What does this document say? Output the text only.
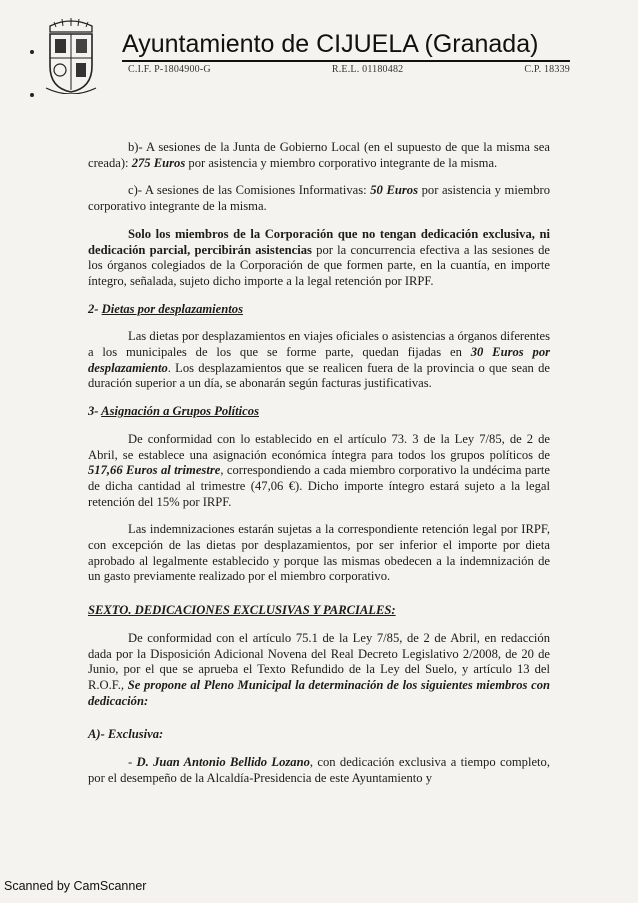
Ayuntamiento de CIJUELA (Granada)
C.I.F. P-1804900-G	R.E.L. 01180482	C.P. 18339

b)- A sesiones de la Junta de Gobierno Local (en el supuesto de que la misma sea creada): 275 Euros por asistencia y miembro corporativo integrante de la misma.

c)- A sesiones de las Comisiones Informativas: 50 Euros por asistencia y miembro corporativo integrante de la misma.

Solo los miembros de la Corporación que no tengan dedicación exclusiva, ni dedicación parcial, percibirán asistencias por la concurrencia efectiva a las sesiones de los órganos colegiados de la Corporación de que formen parte, en la cuantía, en importe íntegro, señalada, sujeto dicho importe a la legal retención por IRPF.

2- Dietas por desplazamientos

Las dietas por desplazamientos en viajes oficiales o asistencias a órganos diferentes a los municipales de los que se forme parte, quedan fijadas en 30 Euros por desplazamiento. Los desplazamientos que se realicen fuera de la provincia o que sean de duración superior a un día, se abonarán según facturas justificativas.

3- Asignación a Grupos Políticos

De conformidad con lo establecido en el artículo 73. 3 de la Ley 7/85, de 2 de Abril, se establece una asignación económica íntegra para todos los grupos políticos de 517,66 Euros al trimestre, correspondiendo a cada miembro corporativo la undécima parte de dicha cantidad al trimestre (47,06 €). Dicho importe íntegro estará sujeto a la legal retención del 15% por IRPF.

Las indemnizaciones estarán sujetas a la correspondiente retención legal por IRPF, con excepción de las dietas por desplazamientos, por ser inferior el importe por dieta aprobado al legalmente establecido y porque las mismas obedecen a la indemnización de un gasto previamente realizado por el miembro corporativo.

SEXTO. DEDICACIONES EXCLUSIVAS Y PARCIALES:

De conformidad con el artículo 75.1 de la Ley 7/85, de 2 de Abril, en redacción dada por la Disposición Adicional Novena del Real Decreto Legislativo 2/2008, de 20 de Junio, por el que se aprueba el Texto Refundido de la Ley del Suelo, y artículo 13 del R.O.F., Se propone al Pleno Municipal la determinación de los siguientes miembros con dedicación:

A)- Exclusiva:

- D. Juan Antonio Bellido Lozano, con dedicación exclusiva a tiempo completo, por el desempeño de la Alcaldía-Presidencia de este Ayuntamiento y

Scanned by CamScanner
